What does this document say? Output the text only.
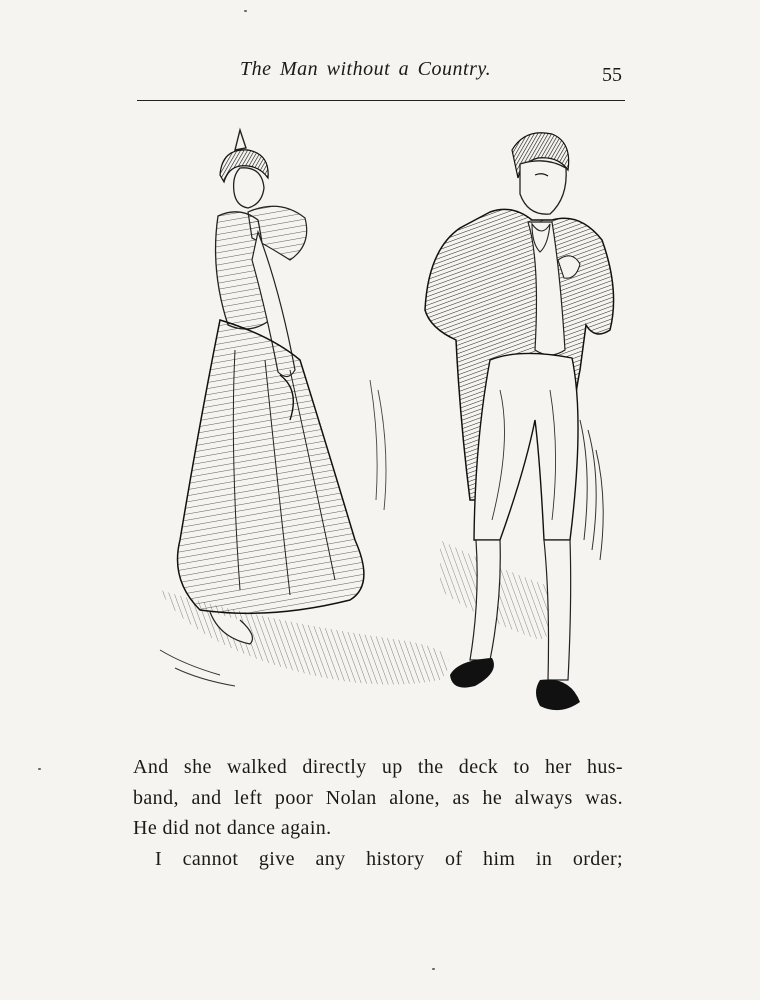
The Man without a Country.	55

And she walked directly up the deck to her hus-

band, and left poor Nolan alone, as he always was.

He did not dance again.

I cannot give any history of him in order;
